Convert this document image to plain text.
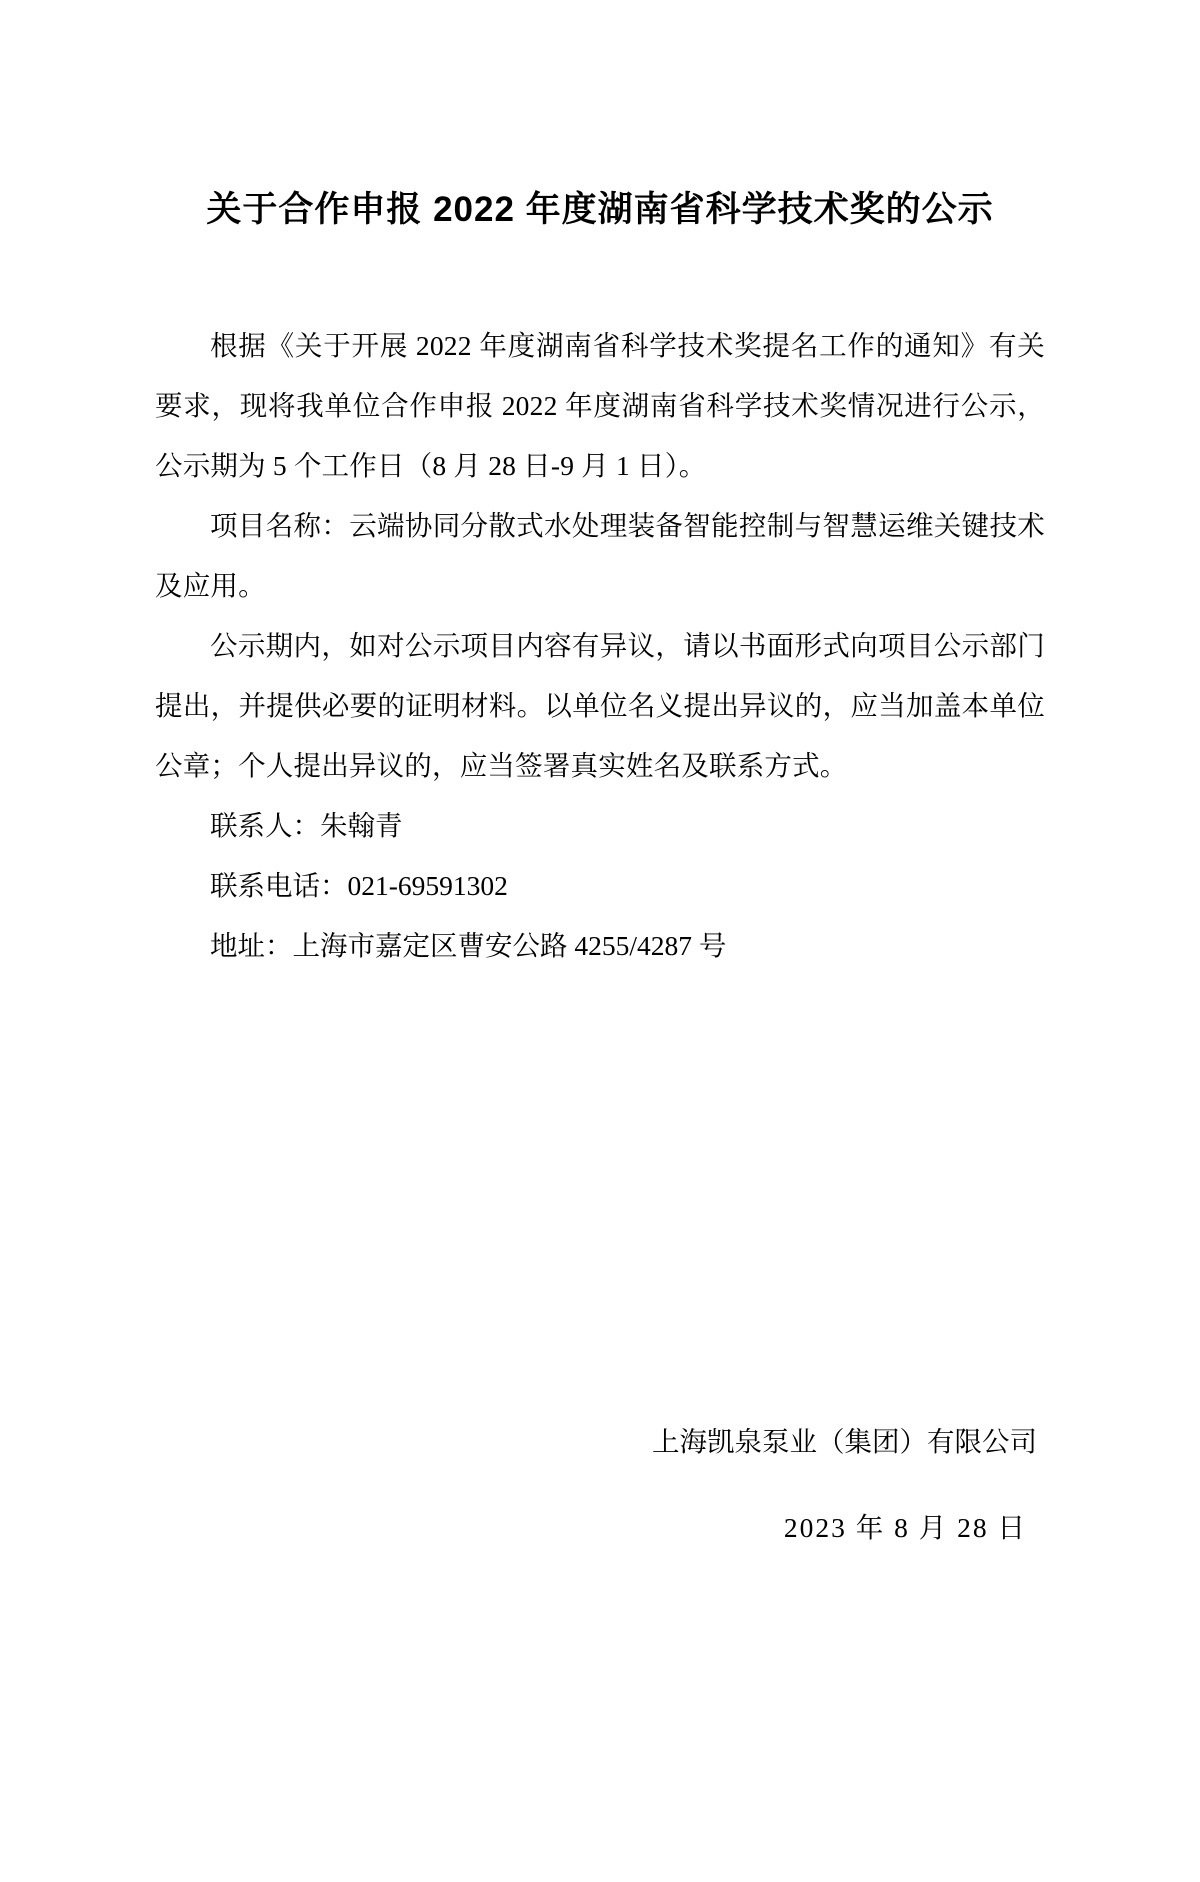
关于合作申报 2022 年度湖南省科学技术奖的公示

根据《关于开展 2022 年度湖南省科学技术奖提名工作的通知》有关要求，现将我单位合作申报 2022 年度湖南省科学技术奖情况进行公示，公示期为 5 个工作日（8 月 28 日-9 月 1 日）。

项目名称：云端协同分散式水处理装备智能控制与智慧运维关键技术及应用。

公示期内，如对公示项目内容有异议，请以书面形式向项目公示部门提出，并提供必要的证明材料。以单位名义提出异议的，应当加盖本单位公章；个人提出异议的，应当签署真实姓名及联系方式。

联系人：朱翰青

联系电话：021-69591302

地址：上海市嘉定区曹安公路 4255/4287 号

上海凯泉泵业（集团）有限公司
2023 年 8 月 28 日
